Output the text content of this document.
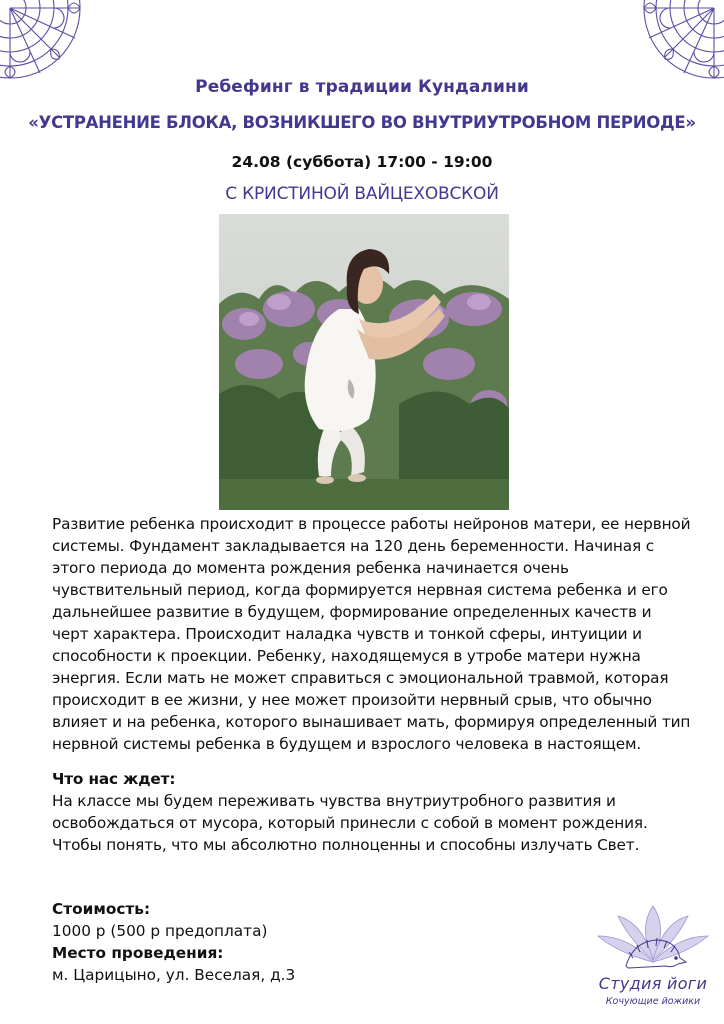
Ребефинг в традиции Кундалини
«УСТРАНЕНИЕ БЛОКА, ВОЗНИКШЕГО ВО ВНУТРИУТРОБНОМ ПЕРИОДЕ»
24.08 (суббота) 17:00 - 19:00
С КРИСТИНОЙ ВАЙЦЕХОВСКОЙ

Развитие ребенка происходит в процессе работы нейронов матери, ее нервной системы. Фундамент закладывается на 120 день беременности. Начиная с этого периода до момента рождения ребенка начинается очень чувствительный период, когда формируется нервная система ребенка и его дальнейшее развитие в будущем, формирование определенных качеств и черт характера. Происходит наладка чувств и тонкой сферы, интуиции и способности к проекции. Ребенку, находящемуся в утробе матери нужна энергия. Если мать не может справиться с эмоциональной травмой, которая происходит в ее жизни, у нее может произойти нервный срыв, что обычно влияет и на ребенка, которого вынашивает мать, формируя определенный тип нервной системы ребенка в будущем и взрослого человека в настоящем.

Что нас ждет:

На классе мы будем переживать чувства внутриутробного развития и освобождаться от мусора, который принесли с собой в момент рождения. Чтобы понять, что мы абсолютно полноценны и способны излучать Свет.

Стоимость:
1000 р (500 р предоплата)
Место проведения:
м. Царицыно, ул. Веселая, д.3	Студия йоги
Кочующие йожики
